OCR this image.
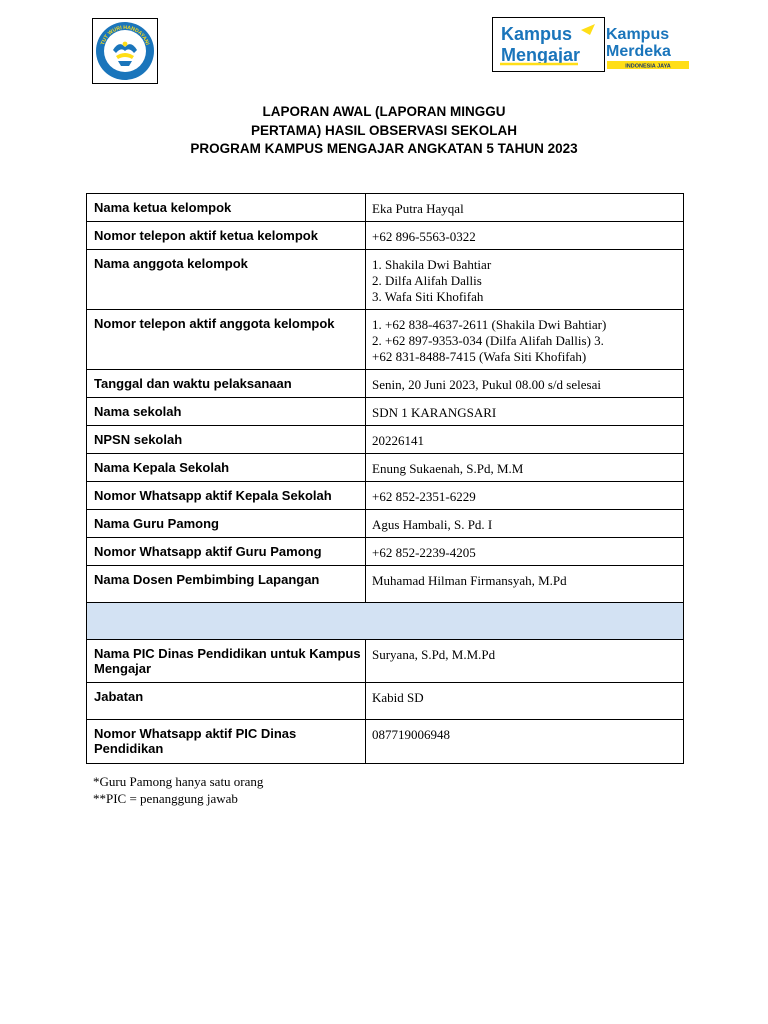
TUT WURI HANDAYANI
Kampus
Mengajar
Kampus
Merdeka
INDONESIA JAYA
LAPORAN AWAL (LAPORAN MINGGU
PERTAMA) HASIL OBSERVASI SEKOLAH
PROGRAM KAMPUS MENGAJAR ANGKATAN 5 TAHUN 2023
Nama ketua kelompok	Eka Putra Hayqal

Nomor telepon aktif ketua kelompok	+62 896-5563-0322

Nama anggota kelompok	1. Shakila Dwi Bahtiar
2. Dilfa Alifah Dallis
3. Wafa Siti Khofifah

Nomor telepon aktif anggota kelompok	1. +62 838-4637-2611 (Shakila Dwi Bahtiar)
2. +62 897-9353-034 (Dilfa Alifah Dallis) 3.
+62 831-8488-7415 (Wafa Siti Khofifah)

Tanggal dan waktu pelaksanaan	Senin, 20 Juni 2023, Pukul 08.00 s/d selesai

Nama sekolah	SDN 1 KARANGSARI

NPSN sekolah	20226141

Nama Kepala Sekolah	Enung Sukaenah, S.Pd, M.M

Nomor Whatsapp aktif Kepala Sekolah	+62 852-2351-6229

Nama Guru Pamong	Agus Hambali, S. Pd. I

Nomor Whatsapp aktif Guru Pamong	+62 852-2239-4205

Nama Dosen Pembimbing Lapangan	Muhamad Hilman Firmansyah, M.Pd

Nama PIC Dinas Pendidikan untuk Kampus Mengajar	Suryana, S.Pd, M.M.Pd

Jabatan	Kabid SD

Nomor Whatsapp aktif PIC Dinas Pendidikan	087719006948
*Guru Pamong hanya satu orang
**PIC = penanggung jawab
